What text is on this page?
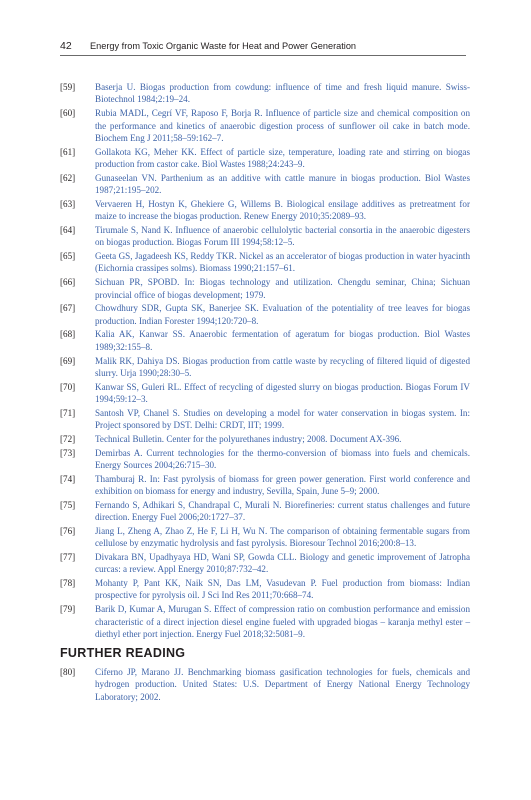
42 Energy from Toxic Organic Waste for Heat and Power Generation

[59] Baserja U. Biogas production from cowdung: influence of time and fresh liquid manure. Swiss-Biotechnol 1984;2:19–24.

[60] Rubia MADL, Cegrí VF, Raposo F, Borja R. Influence of particle size and chemical composition on the performance and kinetics of anaerobic digestion process of sunflower oil cake in batch mode. Biochem Eng J 2011;58–59:162–7.

[61] Gollakota KG, Meher KK. Effect of particle size, temperature, loading rate and stirring on biogas production from castor cake. Biol Wastes 1988;24:243–9.

[62] Gunaseelan VN. Parthenium as an additive with cattle manure in biogas production. Biol Wastes 1987;21:195–202.

[63] Vervaeren H, Hostyn K, Ghekiere G, Willems B. Biological ensilage additives as pretreatment for maize to increase the biogas production. Renew Energy 2010;35:2089–93.

[64] Tirumale S, Nand K. Influence of anaerobic cellulolytic bacterial consortia in the anaerobic digesters on biogas production. Biogas Forum III 1994;58:12–5.

[65] Geeta GS, Jagadeesh KS, Reddy TKR. Nickel as an accelerator of biogas production in water hyacinth (Eichornia crassipes solms). Biomass 1990;21:157–61.

[66] Sichuan PR, SPOBD. In: Biogas technology and utilization. Chengdu seminar, China; Sichuan provincial office of biogas development; 1979.

[67] Chowdhury SDR, Gupta SK, Banerjee SK. Evaluation of the potentiality of tree leaves for biogas production. Indian Forester 1994;120:720–8.

[68] Kalia AK, Kanwar SS. Anaerobic fermentation of ageratum for biogas production. Biol Wastes 1989;32:155–8.

[69] Malik RK, Dahiya DS. Biogas production from cattle waste by recycling of filtered liquid of digested slurry. Urja 1990;28:30–5.

[70] Kanwar SS, Guleri RL. Effect of recycling of digested slurry on biogas production. Biogas Forum IV 1994;59:12–3.

[71] Santosh VP, Chanel S. Studies on developing a model for water conservation in biogas system. In: Project sponsored by DST. Delhi: CRDT, IIT; 1999.

[72] Technical Bulletin. Center for the polyurethanes industry; 2008. Document AX-396.

[73] Demirbas A. Current technologies for the thermo-conversion of biomass into fuels and chemicals. Energy Sources 2004;26:715–30.

[74] Thamburaj R. In: Fast pyrolysis of biomass for green power generation. First world conference and exhibition on biomass for energy and industry, Sevilla, Spain, June 5–9; 2000.

[75] Fernando S, Adhikari S, Chandrapal C, Murali N. Biorefineries: current status challenges and future direction. Energy Fuel 2006;20:1727–37.

[76] Jiang L, Zheng A, Zhao Z, He F, Li H, Wu N. The comparison of obtaining fermentable sugars from cellulose by enzymatic hydrolysis and fast pyrolysis. Bioresour Technol 2016;200:8–13.

[77] Divakara BN, Upadhyaya HD, Wani SP, Gowda CLL. Biology and genetic improvement of Jatropha curcas: a review. Appl Energy 2010;87:732–42.

[78] Mohanty P, Pant KK, Naik SN, Das LM, Vasudevan P. Fuel production from biomass: Indian prospective for pyrolysis oil. J Sci Ind Res 2011;70:668–74.

[79] Barik D, Kumar A, Murugan S. Effect of compression ratio on combustion performance and emission characteristic of a direct injection diesel engine fueled with upgraded biogas – karanja methyl ester – diethyl ether port injection. Energy Fuel 2018;32:5081–9.

FURTHER READING

[80] Ciferno JP, Marano JJ. Benchmarking biomass gasification technologies for fuels, chemicals and hydrogen production. United States: U.S. Department of Energy National Energy Technology Laboratory; 2002.
